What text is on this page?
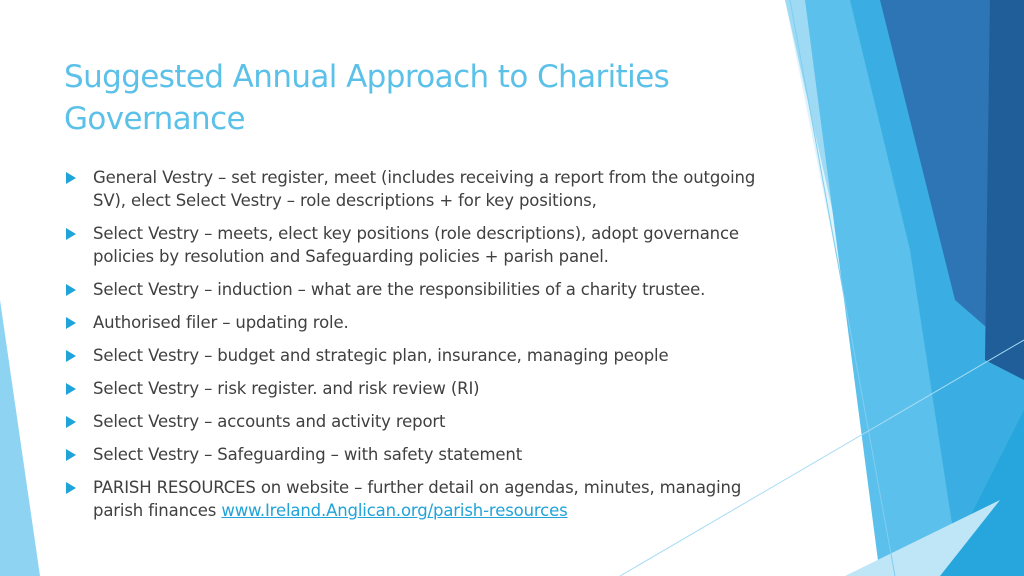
Suggested Annual Approach to Charities Governance
General Vestry – set register, meet (includes receiving a report from the outgoing SV), elect Select Vestry – role descriptions + for key positions,
Select Vestry – meets, elect key positions (role descriptions), adopt governance policies by resolution and Safeguarding policies + parish panel.
Select Vestry – induction – what are the responsibilities of a charity trustee.
Authorised filer – updating role.
Select Vestry – budget and strategic plan, insurance, managing people
Select Vestry – risk register. and risk review (RI)
Select Vestry – accounts and activity report
Select Vestry – Safeguarding – with safety statement
PARISH RESOURCES on website – further detail on agendas, minutes, managing parish finances www.Ireland.Anglican.org/parish-resources
